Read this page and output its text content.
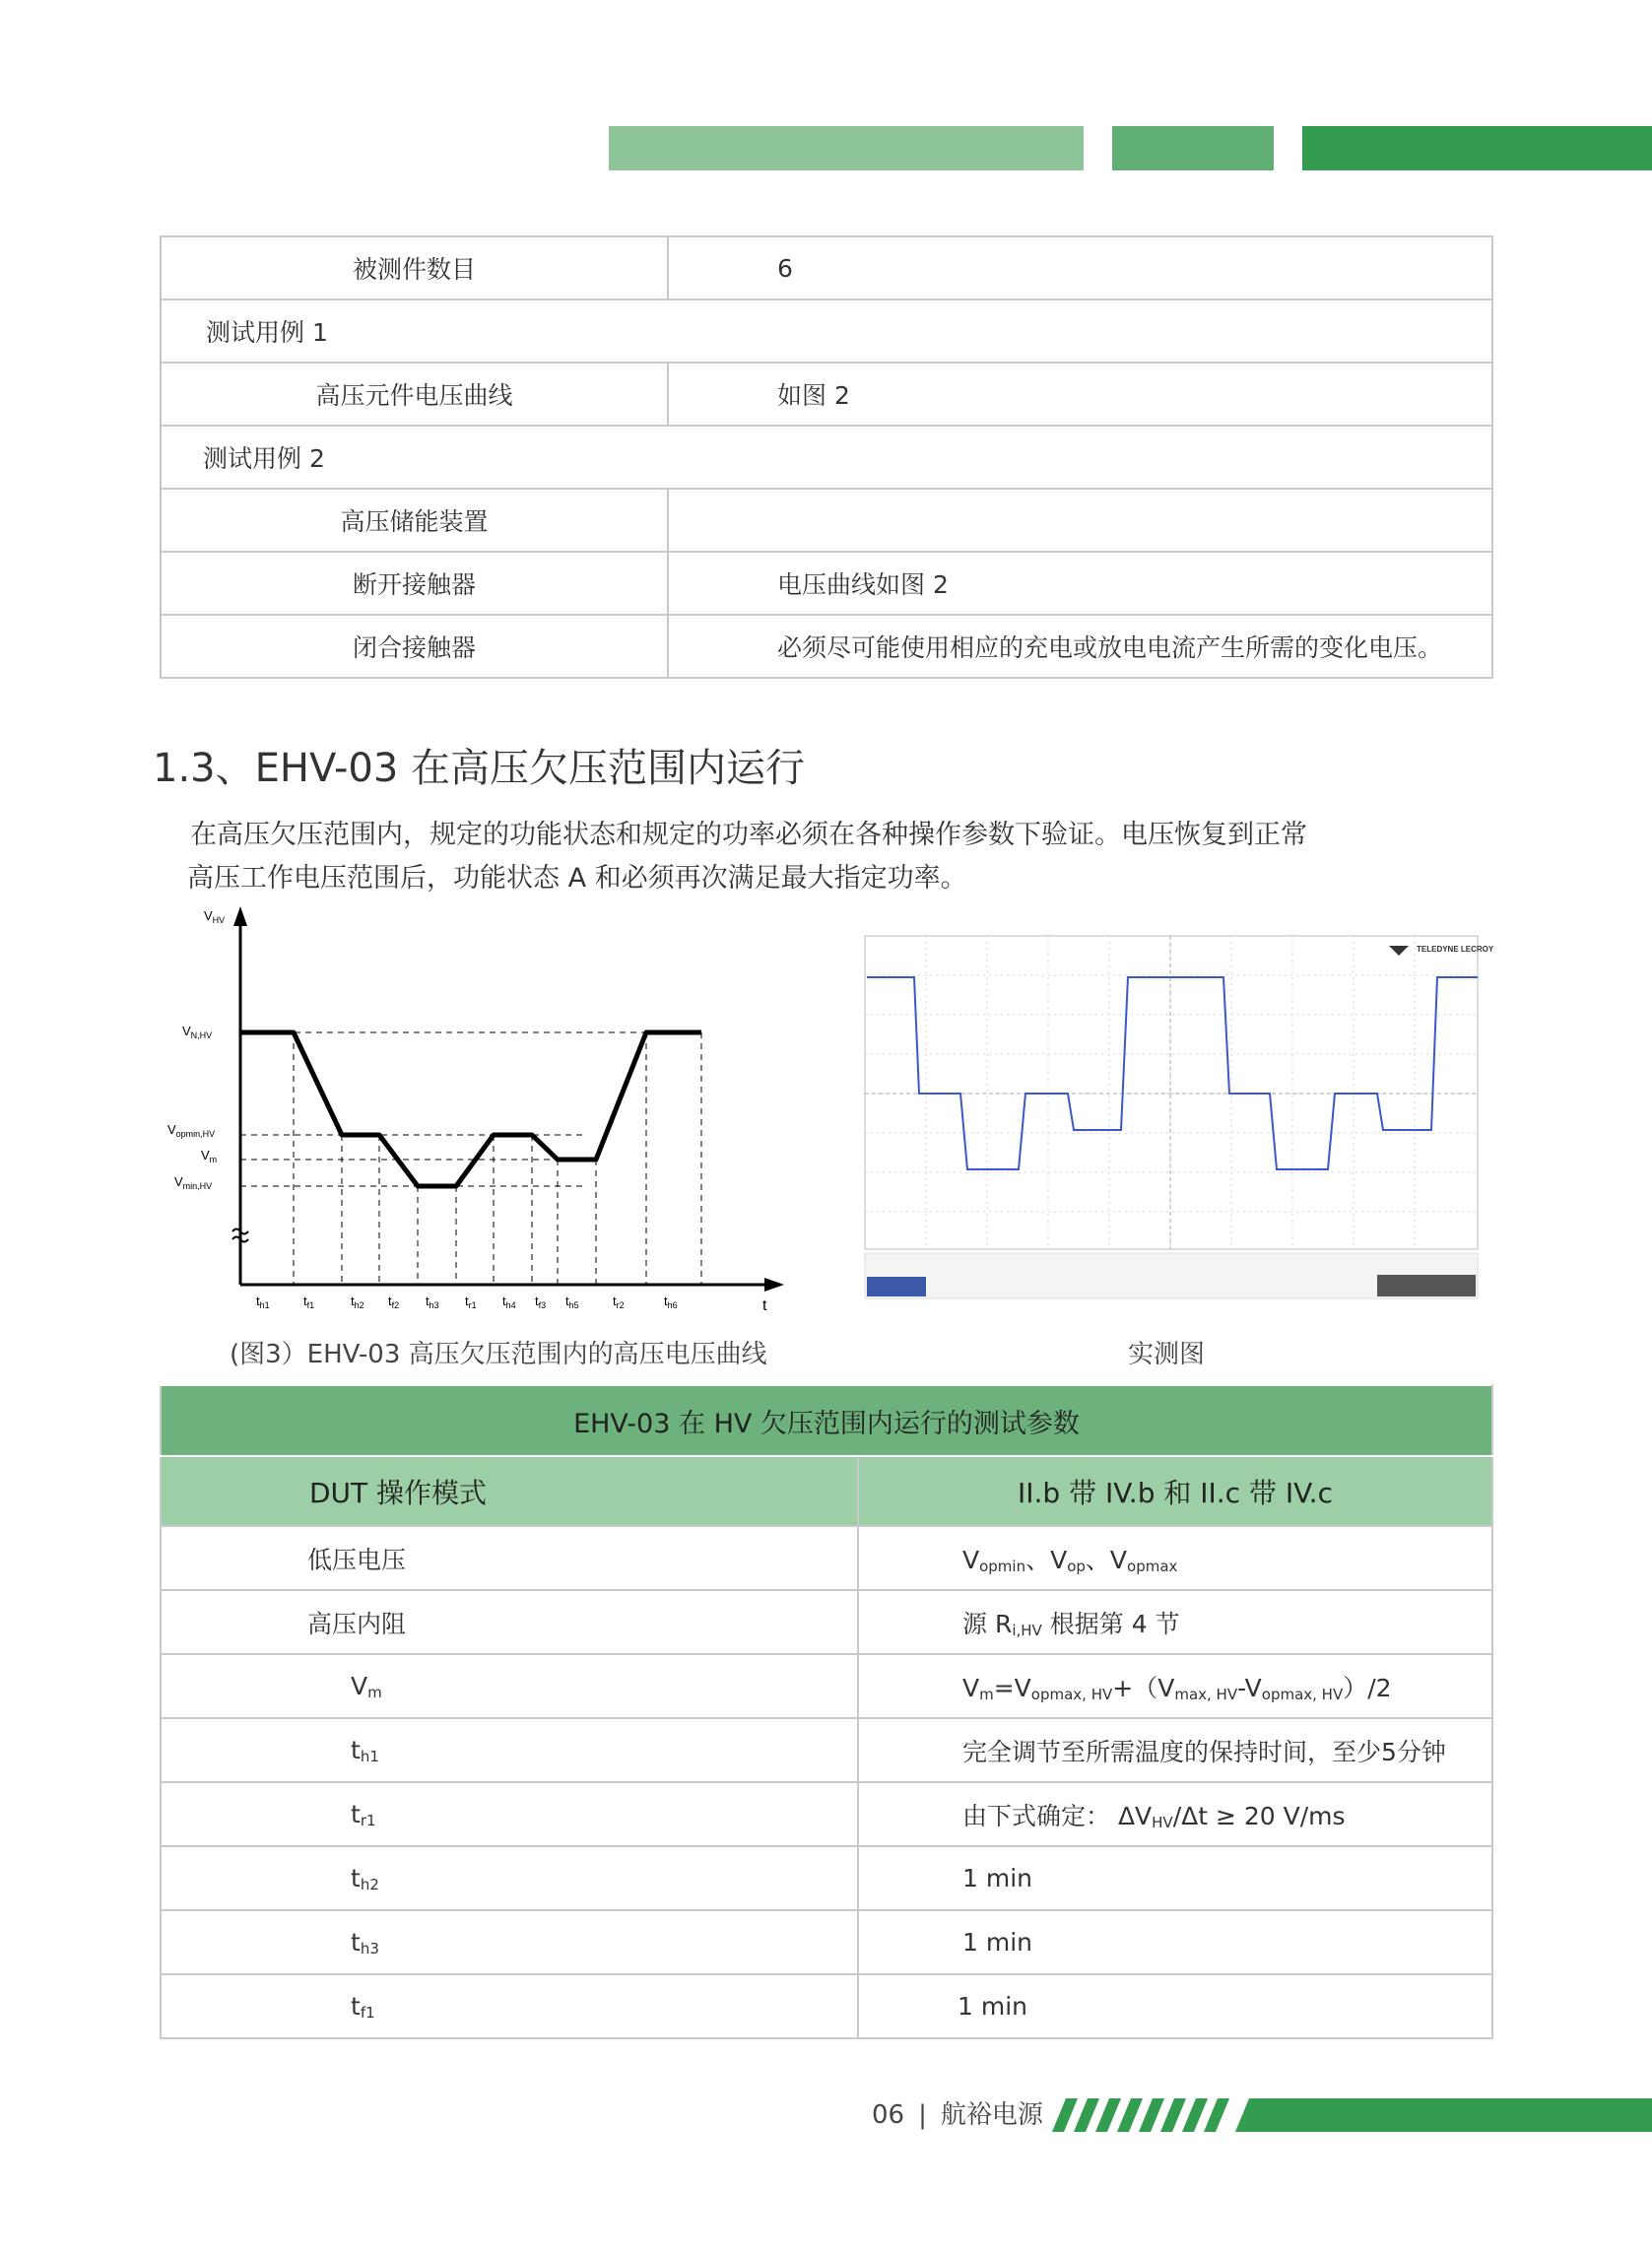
被测件数目	6
测试用例 1	
高压元件电压曲线	如图 2
测试用例 2	
高压储能装置	
断开接触器	电压曲线如图 2
闭合接触器	必须尽可能使用相应的充电或放电电流产生所需的变化电压。
1.3、EHV-03 在高压欠压范围内运行
在高压欠压范围内，规定的功能状态和规定的功率必须在各种操作参数下验证。电压恢复到正常
高压工作电压范围后，功能状态 A 和必须再次满足最大指定功率。
$V_{HV}$
$V_{N,HV}$
$V_{opmin,HV}$
$V_m$
$V_{min,HV}$
t
$t_{h1}$	$t_{f1}$	$t_{h2}$ $t_{f2}$ $t_{h3}$ $t_{r1}$ $t_{h4}$ $t_{f3}$ $t_{h5}$	$t_{r2}$	$t_{h6}$
TELEDYNE LECROY
(图3）EHV-03 高压欠压范围内的高压电压曲线	实测图
EHV-03 在 HV 欠压范围内运行的测试参数	
DUT 操作模式	II.b 带 IV.b 和 II.c 带 IV.c
低压电压	$V_{opmin}$、$V_{op}$、$V_{opmax}$
高压内阻	源 $R_{i,HV}$ 根据第 4 节
$V_m$	$V_m=V_{opmax, HV}+(V_{max, HV}-V_{opmax, HV})/2$
$t_{h1}$	完全调节至所需温度的保持时间，至少5分钟
$t_{r1}$	由下式确定： $\Delta V_{HV}/\Delta t \ge 20$ V/ms
$t_{h2}$	1 min
$t_{h3}$	1 min
$t_{f1}$	1 min
06 | 航裕电源
